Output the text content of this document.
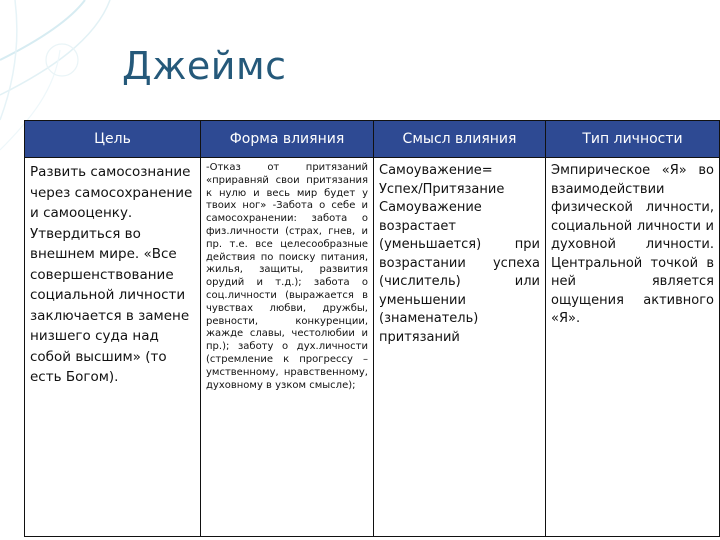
Джеймс
Цель	Форма влияния	Смысл влияния	Тип личности
Развить самосознание через самосохранение и самооценку. Утвердиться во внешнем мире. «Все совершенствование социальной личности заключается в замене низшего суда над собой высшим» (то есть Богом).	-Отказ от притязаний «приравняй свои притязания к нулю и весь мир будет у твоих ног» -Забота о себе и самосохранении: забота о физ.личности (страх, гнев, и пр. т.е. все целесообразные действия по поиску питания, жилья, защиты, развития орудий и т.д.); забота о соц.личности (выражается в чувствах любви, дружбы, ревности, конкуренции, жажде славы, честолюбии и пр.); заботу о дух.личности (стремление к прогрессу – умственному, нравственному, духовному в узком смысле);	Самоуважение= Успех/Притязание Самоуважение возрастает (уменьшается) при возрастании успеха (числитель) или уменьшении (знаменатель) притязаний	Эмпирическое «Я» во взаимодействии физической личности, социальной личности и духовной личности. Центральной точкой в ней является ощущения активного «Я».
